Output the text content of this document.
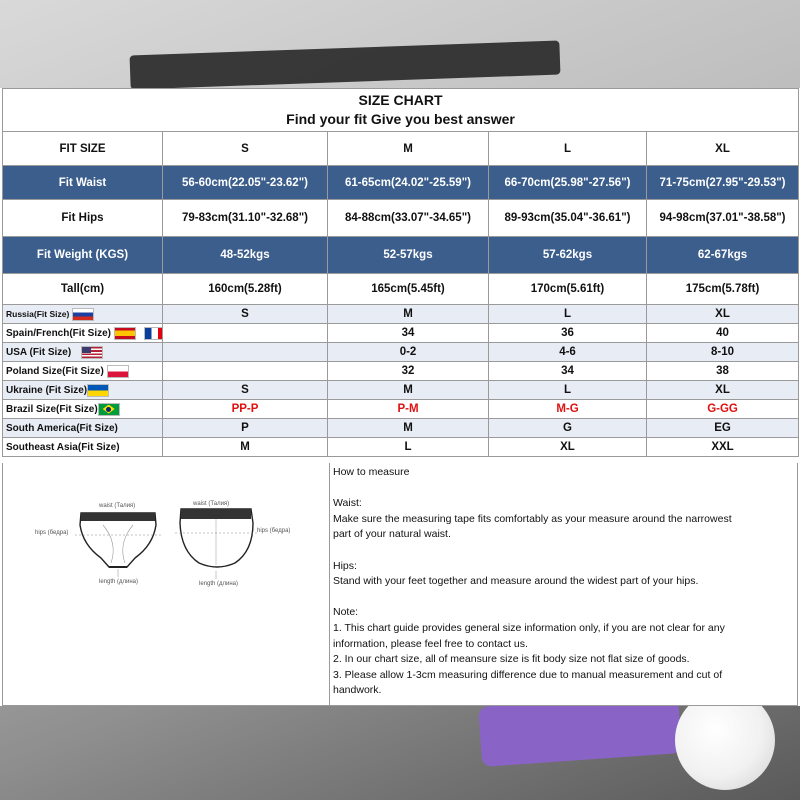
SIZE CHART
Find your fit Give you best answer				

FIT SIZE	S	M	L	XL
Fit Waist	56-60cm(22.05"-23.62")	61-65cm(24.02"-25.59")	66-70cm(25.98"-27.56")	71-75cm(27.95"-29.53")
Fit Hips	79-83cm(31.10"-32.68")	84-88cm(33.07"-34.65")	89-93cm(35.04"-36.61")	94-98cm(37.01"-38.58")
Fit Weight (KGS)	48-52kgs	52-57kgs	57-62kgs	62-67kgs
Tall(cm)	160cm(5.28ft)	165cm(5.45ft)	170cm(5.61ft)	175cm(5.78ft)
Russia(Fit Size)	S	M	L	XL
Spain/French(Fit Size)		34	36	40
USA (Fit Size)		0-2	4-6	8-10
Poland Size(Fit Size)		32	34	38
Ukraine (Fit Size)	S	M	L	XL
Brazil Size(Fit Size)	PP-P	P-M	M-G	G-GG
South America(Fit Size)	P	M	G	EG
Southeast Asia(Fit Size)	M	L	XL	XXL
waist (Талия)	waist (Талия)
hips (бедра)	hips (бедра)
length (длина)	length (длина)

How to measure

Waist:

Make sure the measuring tape fits comfortably as your measure around the narrowest

part of your natural waist.

Hips:

Stand with your feet together and measure around the widest part of your hips.

Note:

1. This chart guide provides general size information only, if you are not clear for any

information, please feel free to contact us.

2. In our chart size, all of meansure size is fit body size not flat size of goods.

3. Please allow 1-3cm measuring difference due to manual measurement and cut of

handwork.
